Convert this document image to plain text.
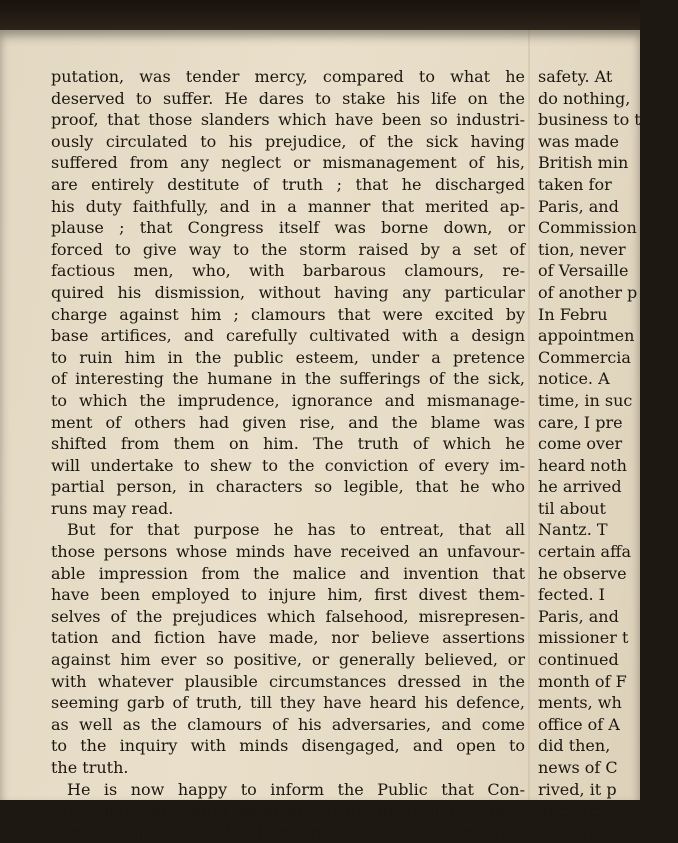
putation, was tender mercy, compared to what he
deserved to suffer. He dares to stake his life on the
proof, that those slanders which have been so industri-
ously circulated to his prejudice, of the sick having
suffered from any neglect or mismanagement of his,
are entirely destitute of truth ; that he discharged
his duty faithfully, and in a manner that merited ap-
plause ; that Congress itself was borne down, or
forced to give way to the storm raised by a set of
factious men, who, with barbarous clamours, re-
quired his dismission, without having any particular
charge against him ; clamours that were excited by
base artifices, and carefully cultivated with a design
to ruin him in the public esteem, under a pretence
of interesting the humane in the sufferings of the sick,
to which the imprudence, ignorance and mismanage-
ment of others had given rise, and the blame was
shifted from them on him. The truth of which he
will undertake to shew to the conviction of every im-
partial person, in characters so legible, that he who
runs may read.
But for that purpose he has to entreat, that all
those persons whose minds have received an unfavour-
able impression from the malice and invention that
have been employed to injure him, first divest them-
selves of the prejudices which falsehood, misrepresen-
tation and fiction have made, nor believe assertions
against him ever so positive, or generally believed, or
with whatever plausible circumstances dressed in the
seeming garb of truth, till they have heard his defence,
as well as the clamours of his adversaries, and come
to the inquiry with minds disengaged, and open to
the truth.
He is now happy to inform the Public that Con-
gress have at length been at leisure to attend to him,
and has appointed the Honourable Messieurs Drayton,
safety. At
do nothing,
business to t
was made
British min
taken for
Paris, and
Commission
tion, never
of Versaille
of another p
In Febru
appointmen
Commercia
notice. A
time, in suc
care, I pre
come over
heard noth
he arrived
til about
Nantz. T
certain affa
he observe
fected. I
Paris, and
missioner t
continued
month of F
ments, wh
office of A
did then,
news of C
rived, it p
and, amo
and Politi
